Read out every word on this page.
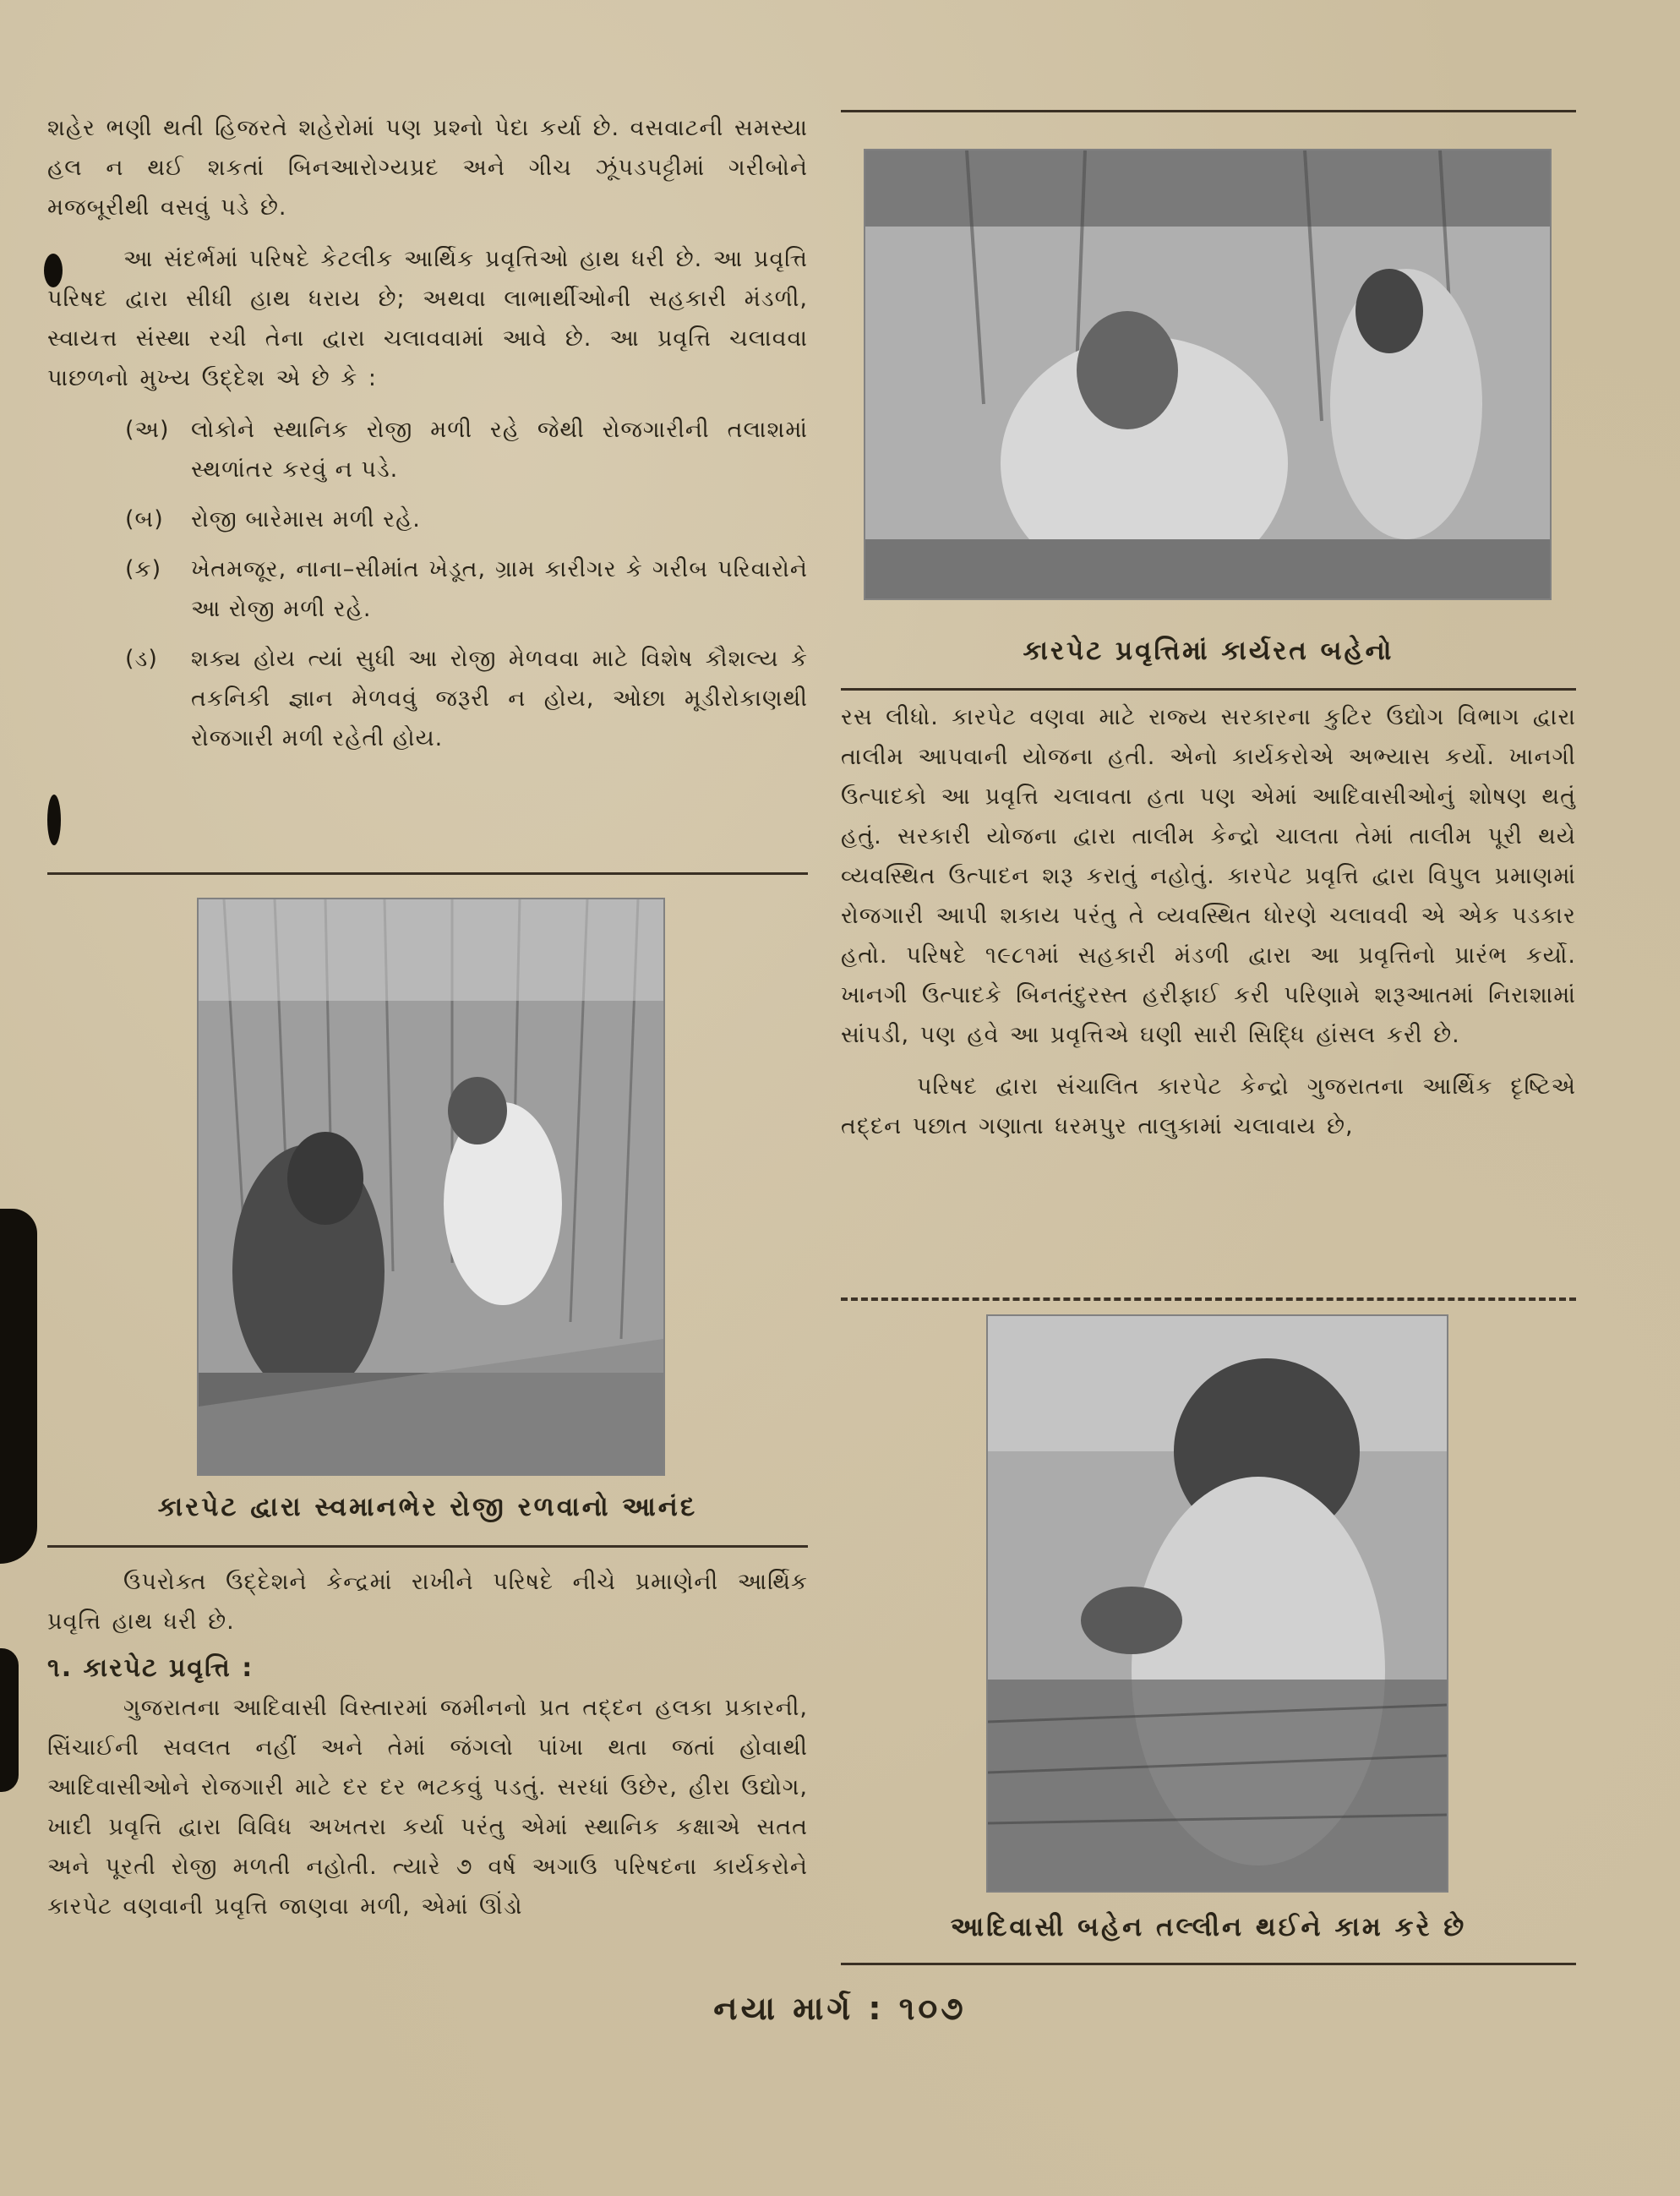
શહેર ભણી થતી હિજરતે શહેરોમાં પણ પ્રશ્નો પેદા કર્યા છે. વસવાટની સમસ્યા હલ ન થઈ શકતાં બિનઆરોગ્યપ્રદ અને ગીચ ઝૂંપડપટ્ટીમાં ગરીબોને મજબૂરીથી વસવું પડે છે.

આ સંદર્ભમાં પરિષદે કેટલીક આર્થિક પ્રવૃત્તિઓ હાથ ધરી છે. આ પ્રવૃત્તિ પરિષદ દ્વારા સીધી હાથ ધરાય છે; અથવા લાભાર્થીઓની સહકારી મંડળી, સ્વાયત્ત સંસ્થા રચી તેના દ્વારા ચલાવવામાં આવે છે. આ પ્રવૃત્તિ ચલાવવા પાછળનો મુખ્ય ઉદ્દેશ એ છે કે :

(અ) લોકોને સ્થાનિક રોજી મળી રહે જેથી રોજગારીની તલાશમાં સ્થળાંતર કરવું ન પડે.
(બ)	રોજી બારેમાસ મળી રહે.
(ક)	ખેતમજૂર, નાના–સીમાંત ખેડૂત, ગ્રામ કારીગર કે ગરીબ પરિવારોને આ રોજી મળી રહે.
(ડ)	શક્ય હોય ત્યાં સુધી આ રોજી મેળવવા માટે વિશેષ કૌશલ્ય કે તકનિકી જ્ઞાન મેળવવું જરૂરી ન હોય, ઓછા મૂડીરોકાણથી રોજગારી મળી રહેતી હોય.
કારપેટ દ્વારા સ્વમાનભેર રોજી રળવાનો આનંદ

ઉપરોક્ત ઉદ્દેશને કેન્દ્રમાં રાખીને પરિષદે નીચે પ્રમાણેની આર્થિક પ્રવૃત્તિ હાથ ધરી છે.

૧. કારપેટ પ્રવૃત્તિ :

ગુજરાતના આદિવાસી વિસ્તારમાં જમીનનો પ્રત તદ્દન હલકા પ્રકારની, સિંચાઈની સવલત નહીં અને તેમાં જંગલો પાંખા થતા જતાં હોવાથી આદિવાસીઓને રોજગારી માટે દર દર ભટકવું પડતું. સરધાં ઉછેર, હીરા ઉદ્યોગ, ખાદી પ્રવૃત્તિ દ્વારા વિવિધ અખતરા કર્યા પરંતુ એમાં સ્થાનિક કક્ષાએ સતત અને પૂરતી રોજી મળતી નહોતી. ત્યારે ૭ વર્ષ અગાઉ પરિષદના કાર્યકરોને કારપેટ વણવાની પ્રવૃત્તિ જાણવા મળી, એમાં ઊંડો

કારપેટ પ્રવૃત્તિમાં કાર્યરત બહેનો

રસ લીધો. કારપેટ વણવા માટે રાજ્ય સરકારના કુટિર ઉદ્યોગ વિભાગ દ્વારા તાલીમ આપવાની યોજના હતી. એનો કાર્યકરોએ અભ્યાસ કર્યો. ખાનગી ઉત્પાદકો આ પ્રવૃત્તિ ચલાવતા હતા પણ એમાં આદિવાસીઓનું શોષણ થતું હતું. સરકારી યોજના દ્વારા તાલીમ કેન્દ્રો ચાલતા તેમાં તાલીમ પૂરી થયે વ્યવસ્થિત ઉત્પાદન શરૂ કરાતું નહોતું. કારપેટ પ્રવૃત્તિ દ્વારા વિપુલ પ્રમાણમાં રોજગારી આપી શકાય પરંતુ તે વ્યવસ્થિત ધોરણે ચલાવવી એ એક પડકાર હતો. પરિષદે ૧૯૮૧માં સહકારી મંડળી દ્વારા આ પ્રવૃત્તિનો પ્રારંભ કર્યો. ખાનગી ઉત્પાદકે બિનતંદુરસ્ત હરીફાઈ કરી પરિણામે શરૂઆતમાં નિરાશામાં સાંપડી, પણ હવે આ પ્રવૃત્તિએ ઘણી સારી સિદ્ધિ હાંસલ કરી છે.

પરિષદ દ્વારા સંચાલિત કારપેટ કેન્દ્રો ગુજરાતના આર્થિક દૃષ્ટિએ તદ્દન પછાત ગણાતા ધરમપુર તાલુકામાં ચલાવાય છે,

આદિવાસી બહેન તલ્લીન થઈને કામ કરે છે
નયા માર્ગ : ૧૦૭
